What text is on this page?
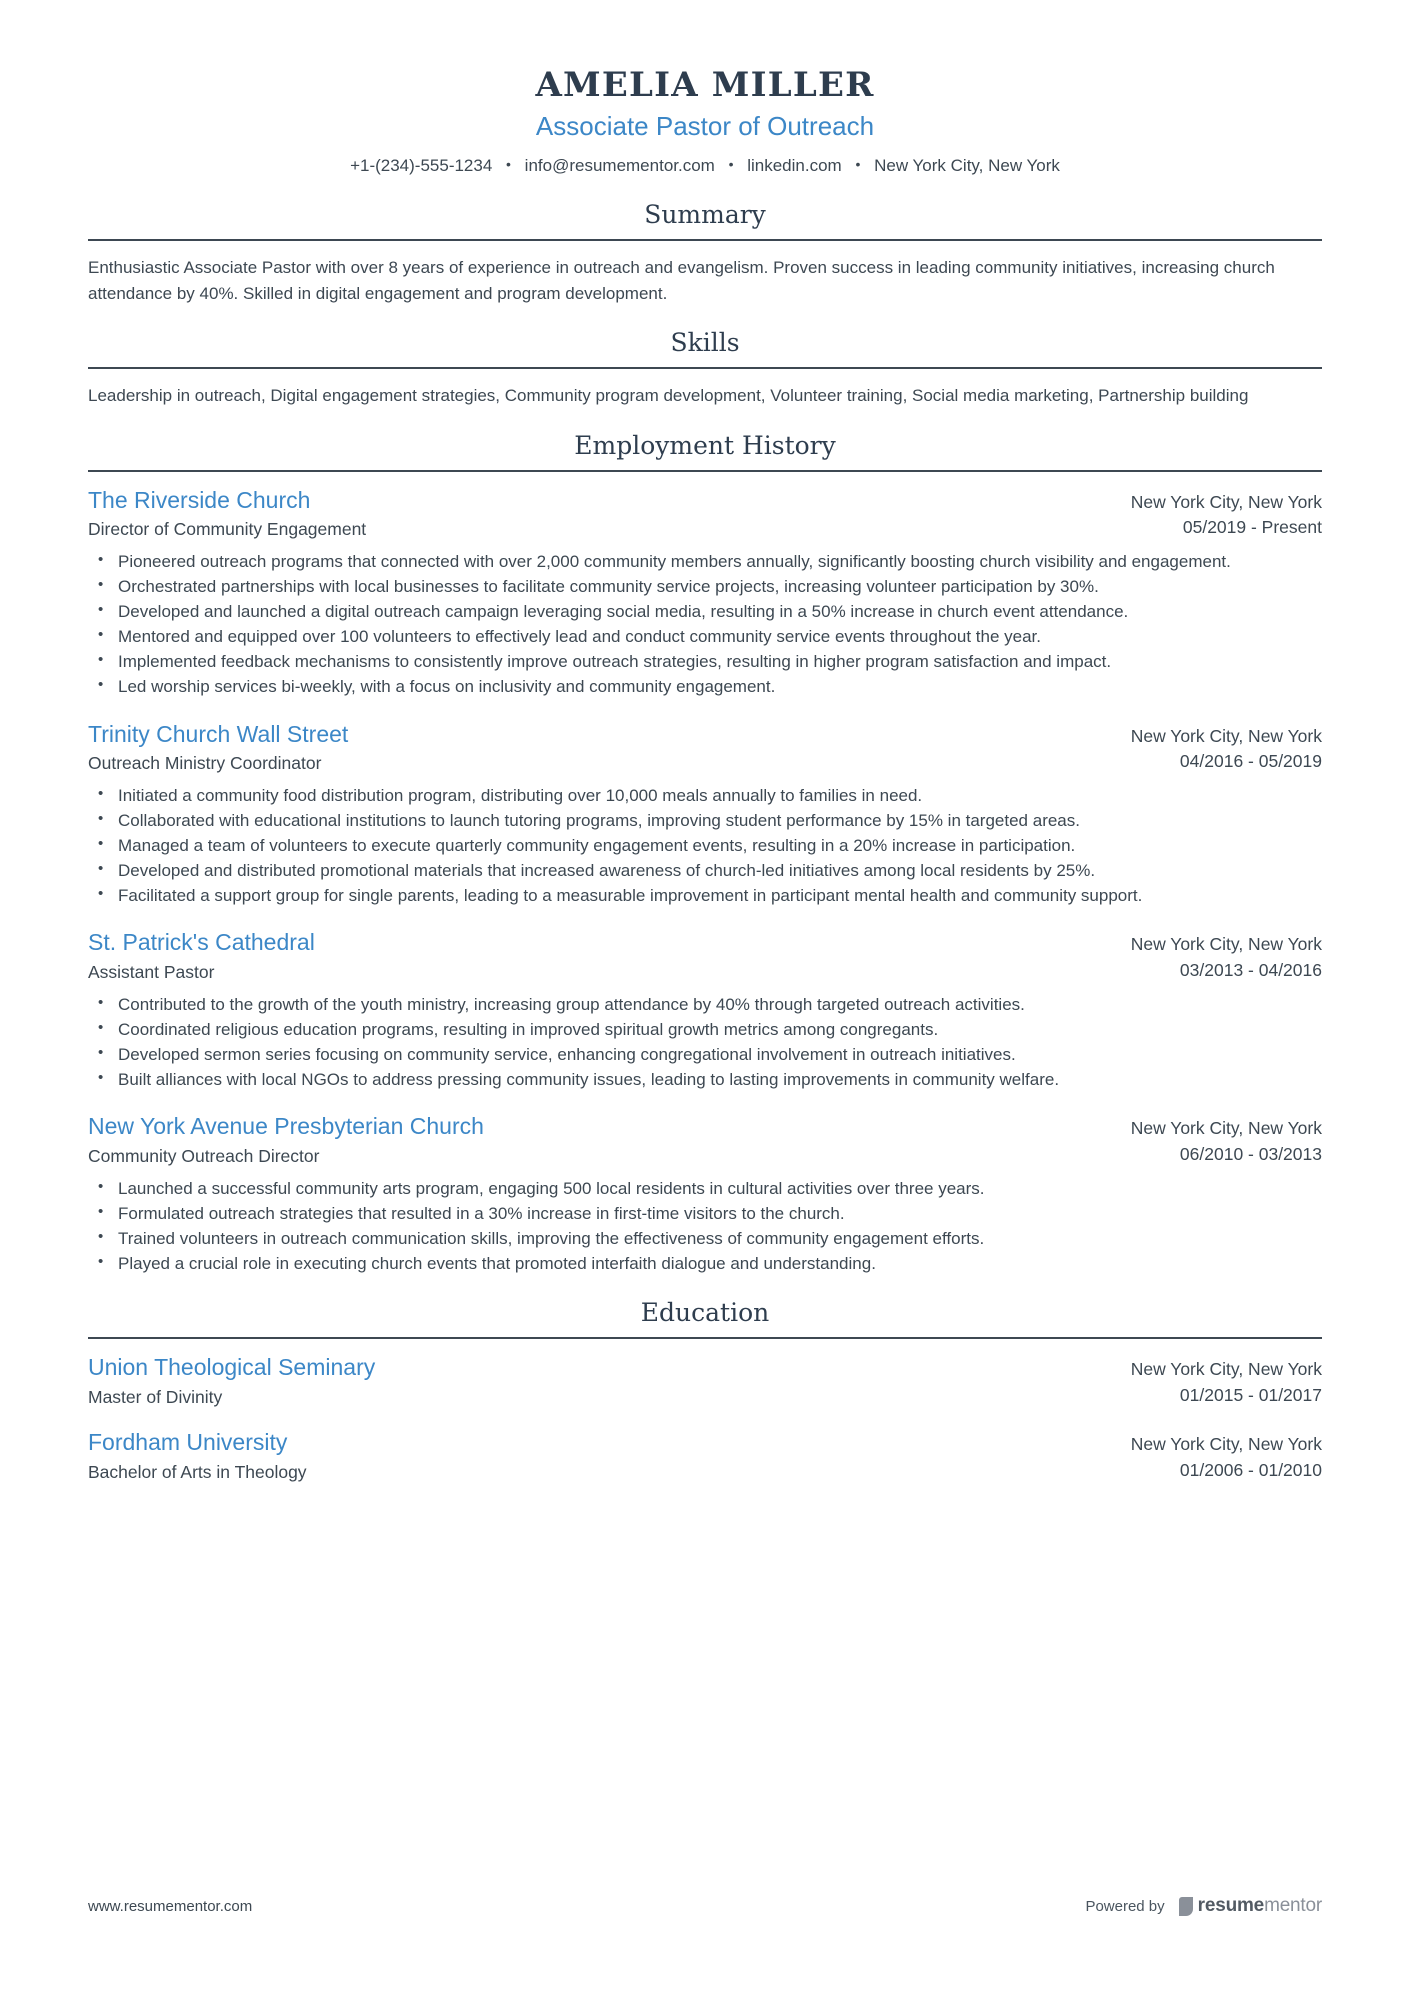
AMELIA MILLER
Associate Pastor of Outreach
+1-(234)-555-1234 • info@resumementor.com • linkedin.com • New York City, New York
Summary
Enthusiastic Associate Pastor with over 8 years of experience in outreach and evangelism. Proven success in leading community initiatives, increasing church attendance by 40%. Skilled in digital engagement and program development.
Skills
Leadership in outreach, Digital engagement strategies, Community program development, Volunteer training, Social media marketing, Partnership building
Employment History
The Riverside Church
Director of Community Engagement
New York City, New York
05/2019 - Present
• Pioneered outreach programs that connected with over 2,000 community members annually, significantly boosting church visibility and engagement.
• Orchestrated partnerships with local businesses to facilitate community service projects, increasing volunteer participation by 30%.
• Developed and launched a digital outreach campaign leveraging social media, resulting in a 50% increase in church event attendance.
• Mentored and equipped over 100 volunteers to effectively lead and conduct community service events throughout the year.
• Implemented feedback mechanisms to consistently improve outreach strategies, resulting in higher program satisfaction and impact.
• Led worship services bi-weekly, with a focus on inclusivity and community engagement.
Trinity Church Wall Street
Outreach Ministry Coordinator
New York City, New York
04/2016 - 05/2019
• Initiated a community food distribution program, distributing over 10,000 meals annually to families in need.
• Collaborated with educational institutions to launch tutoring programs, improving student performance by 15% in targeted areas.
• Managed a team of volunteers to execute quarterly community engagement events, resulting in a 20% increase in participation.
• Developed and distributed promotional materials that increased awareness of church-led initiatives among local residents by 25%.
• Facilitated a support group for single parents, leading to a measurable improvement in participant mental health and community support.
St. Patrick's Cathedral
Assistant Pastor
New York City, New York
03/2013 - 04/2016
• Contributed to the growth of the youth ministry, increasing group attendance by 40% through targeted outreach activities.
• Coordinated religious education programs, resulting in improved spiritual growth metrics among congregants.
• Developed sermon series focusing on community service, enhancing congregational involvement in outreach initiatives.
• Built alliances with local NGOs to address pressing community issues, leading to lasting improvements in community welfare.
New York Avenue Presbyterian Church
Community Outreach Director
New York City, New York
06/2010 - 03/2013
• Launched a successful community arts program, engaging 500 local residents in cultural activities over three years.
• Formulated outreach strategies that resulted in a 30% increase in first-time visitors to the church.
• Trained volunteers in outreach communication skills, improving the effectiveness of community engagement efforts.
• Played a crucial role in executing church events that promoted interfaith dialogue and understanding.
Education
Union Theological Seminary
Master of Divinity
New York City, New York
01/2015 - 01/2017
Fordham University
Bachelor of Arts in Theology
New York City, New York
01/2006 - 01/2010
www.resumementor.com	Powered by resumementor
